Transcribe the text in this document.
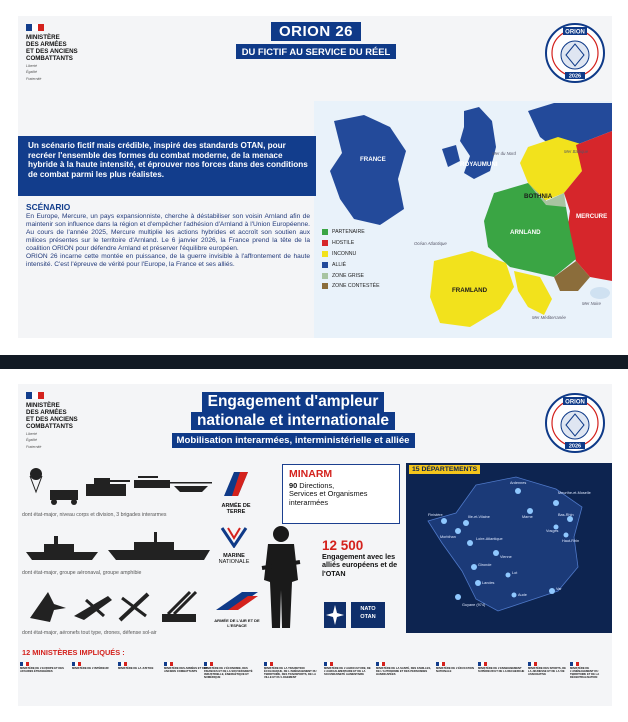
MINISTÈRE
DES ARMÉES
ET DES ANCIENS
COMBATTANTS
Liberté
Égalité
Fraternité
ORION 26
DU FICTIF AU SERVICE DU RÉEL
ORION
2026
PARTENAIRE
HOSTILE
INCONNU
ALLIÉ
ZONE GRISE
ZONE CONTESTÉE
FRANCE
ROYAUMUNI
BOTHNIA
MERCURE
ARNLAND
FRAMLAND
Mer Baltique
Mer du Nord
Océan Atlantique
Mer Noire
Mer Méditerranée
Un scénario fictif mais crédible, inspiré des standards OTAN, pour recréer l'ensemble des formes du combat moderne, de la menace hybride à la haute intensité, et éprouver nos forces dans des conditions de combat parmi les plus réalistes.
SCÉNARIO

En Europe, Mercure, un pays expansionniste, cherche à déstabiliser son voisin Arnland afin de maintenir son influence dans la région et d'empêcher l'adhésion d'Arnland à l'Union Européenne. Au cours de l'année 2025, Mercure multiplie les actions hybrides et accroît son soutien aux milices présentes sur le territoire d'Arnland. Le 6 janvier 2026, la France prend la tête de la coalition ORION pour défendre Arnland et préserver l'équilibre européen.

ORION 26 incarne cette montée en puissance, de la guerre invisible à l'affrontement de haute intensité. C'est l'épreuve de vérité pour l'Europe, la France et ses alliés.

MINISTÈRE
DES ARMÉES
ET DES ANCIENS
COMBATTANTS
Liberté
Égalité
Fraternité
Engagement d'ampleur
nationale et internationale
Mobilisation interarmées, interministérielle et alliée
ORION
2026
dont état-major, niveau corps et division, 3 brigades interarmes
ARMÉE DE TERRE
dont état-major, groupe aéronaval, groupe amphibie
MARINE
NATIONALE
dont état-major, aéronefs tout type, drones, défense sol-air
ARMÉE DE L'AIR ET DE L'ESPACE
MINARM
90 Directions,
Services et Organismes interarmées
12 500
Engagement avec les alliés européens et de l'OTAN
NATO
OTAN
15 DÉPARTEMENTS
Ardennes
Meurthe-et-Moselle
Marne	Bas-Rhin
Haut-Rhin
Finistère	Ille-et-Vilaine
Morbihan	Loire-Atlantique
Vosges
Vienne
Gironde
Landes
Var
Guyane (974)
Lot
Aude
12 MINISTÈRES IMPLIQUÉS :
MINISTÈRE DE L'EUROPE ET DES AFFAIRES ÉTRANGÈRES
MINISTÈRE DE L'INTÉRIEUR	MINISTÈRE DE LA JUSTICE	MINISTÈRE DES ARMÉES ET DES ANCIENS COMBATTANTS
MINISTÈRE DE L'ÉCONOMIE, DES FINANCES ET DE LA SOUVERAINETÉ INDUSTRIELLE, ÉNERGÉTIQUE ET NUMÉRIQUE
MINISTÈRE DE LA TRANSITION ÉCOLOGIQUE, DE L'AMÉNAGEMENT DU TERRITOIRE, DES TRANSPORTS, DE LA VILLE ET DU LOGEMENT
MINISTÈRE DE L'AGRICULTURE, DE L'AGROALIMENTAIRE ET DE LA SOUVERAINETÉ ALIMENTAIRE
MINISTÈRE DE LA SANTÉ, DES FAMILLES, DE L'AUTONOMIE ET DES PERSONNES HANDICAPÉES
MINISTÈRE DE L'ÉDUCATION NATIONALE
MINISTÈRE DE L'ENSEIGNEMENT SUPÉRIEUR ET DE LA RECHERCHE
MINISTÈRE DES SPORTS, DE LA JEUNESSE ET DE LA VIE ASSOCIATIVE
MINISTÈRE DE L'AMÉNAGEMENT DU TERRITOIRE ET DE LA DÉCENTRALISATION
